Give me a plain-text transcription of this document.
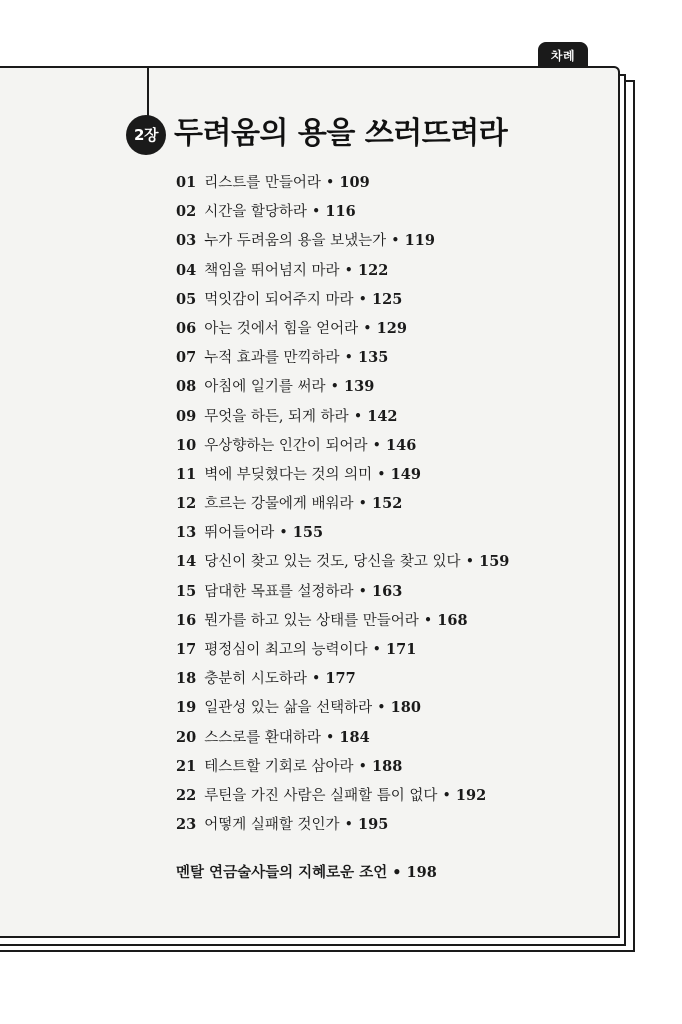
차례
2장 두려움의 용을 쓰러뜨려라
01 리스트를 만들어라 • 109
02 시간을 할당하라 • 116
03 누가 두려움의 용을 보냈는가 • 119
04 책임을 뛰어넘지 마라 • 122
05 먹잇감이 되어주지 마라 • 125
06 아는 것에서 힘을 얻어라 • 129
07 누적 효과를 만끽하라 • 135
08 아침에 일기를 써라 • 139
09 무엇을 하든, 되게 하라 • 142
10 우상향하는 인간이 되어라 • 146
11 벽에 부딪혔다는 것의 의미 • 149
12 흐르는 강물에게 배워라 • 152
13 뛰어들어라 • 155
14 당신이 찾고 있는 것도, 당신을 찾고 있다 • 159
15 담대한 목표를 설정하라 • 163
16 뭔가를 하고 있는 상태를 만들어라 • 168
17 평정심이 최고의 능력이다 • 171
18 충분히 시도하라 • 177
19 일관성 있는 삶을 선택하라 • 180
20 스스로를 환대하라 • 184
21 테스트할 기회로 삼아라 • 188
22 루틴을 가진 사람은 실패할 틈이 없다 • 192
23 어떻게 실패할 것인가 • 195
멘탈 연금술사들의 지혜로운 조언 • 198
